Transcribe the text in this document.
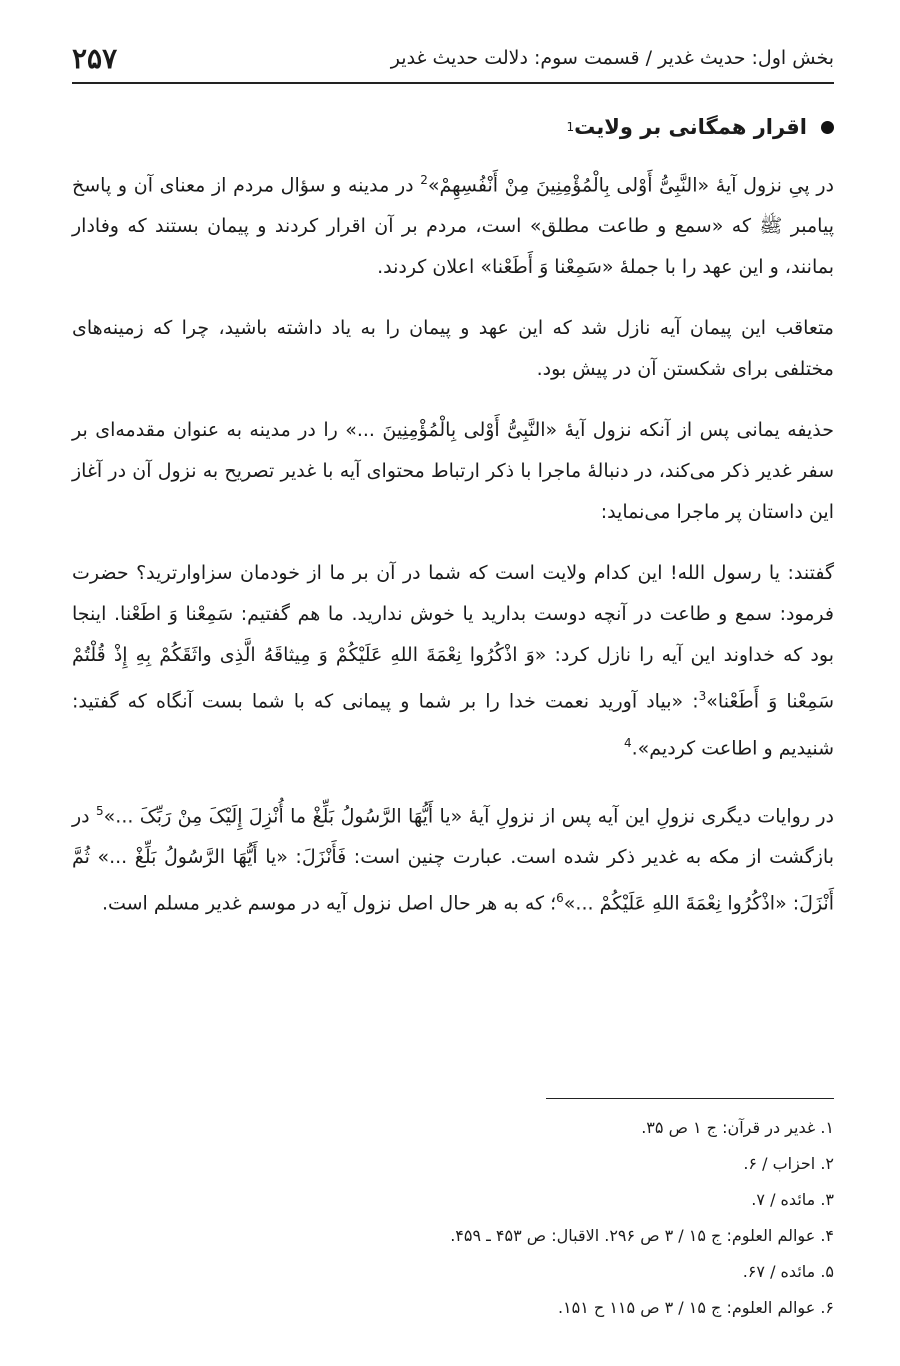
بخش اول: حدیث غدیر / قسمت سوم: دلالت حدیث غدیر
۲۵۷
اقرار همگانی بر ولایت
1

در پیِ نزول آیهٔ «النَّبِیُّ أَوْلی بِالْمُؤْمِنِینَ مِنْ أَنْفُسِهِمْ»$^2$ در مدینه و سؤال مردم از معنای آن و پاسخ پیامبر ﷺ که «سمع و طاعت مطلق» است، مردم بر آن اقرار کردند و پیمان بستند که وفادار بمانند، و این عهد را با جملهٔ «سَمِعْنا وَ أَطَعْنا» اعلان کردند.

متعاقب این پیمان آیه نازل شد که این عهد و پیمان را به یاد داشته باشید، چرا که زمینه‌های مختلفی برای شکستن آن در پیش بود.

حذیفه یمانی پس از آنکه نزول آیهٔ «النَّبِیُّ أَوْلی بِالْمُؤْمِنِینَ ...» را در مدینه به عنوان مقدمه‌ای بر سفر غدیر ذکر می‌کند، در دنبالهٔ ماجرا با ذکر ارتباط محتوای آیه با غدیر تصریح به نزول آن در آغاز این داستان پر ماجرا می‌نماید:

گفتند: یا رسول الله! این کدام ولایت است که شما در آن بر ما از خودمان سزاوارترید؟ حضرت فرمود: سمع و طاعت در آنچه دوست بدارید یا خوش ندارید. ما هم گفتیم: سَمِعْنا وَ اطَعْنا. اینجا بود که خداوند این آیه را نازل کرد: «وَ اذْکُرُوا نِعْمَةَ اللهِ عَلَیْکُمْ وَ مِیثاقَهُ الَّذِی واثَقَکُمْ بِهِ إِذْ قُلْتُمْ سَمِعْنا وَ أَطَعْنا»$^3$: «بیاد آورید نعمت خدا را بر شما و پیمانی که با شما بست آنگاه که گفتید: شنیدیم و اطاعت کردیم».$^4$

در روایات دیگری نزولِ این آیه پس از نزولِ آیهٔ «یا أَیُّهَا الرَّسُولُ بَلِّغْ ما أُنْزِلَ إِلَیْکَ مِنْ رَبِّکَ ...»$^5$ در بازگشت از مکه به غدیر ذکر شده است. عبارت چنین است: فَأَنْزَلَ: «یا أَیُّهَا الرَّسُولُ بَلِّغْ ...» ثُمَّ أَنْزَلَ: «اذْکُرُوا نِعْمَةَ اللهِ عَلَیْکُمْ ...»$^6$؛ که به هر حال اصل نزول آیه در موسم غدیر مسلم است.

۱. غدیر در قرآن: ج ۱ ص ۳۵.
۲. احزاب / ۶.
۳. مائده / ۷.
۴. عوالم العلوم: ج ۱۵ / ۳ ص ۲۹۶. الاقبال: ص ۴۵۳ ـ ۴۵۹.
۵. مائده / ۶۷.
۶. عوالم العلوم: ج ۱۵ / ۳ ص ۱۱۵ ح ۱۵۱.
